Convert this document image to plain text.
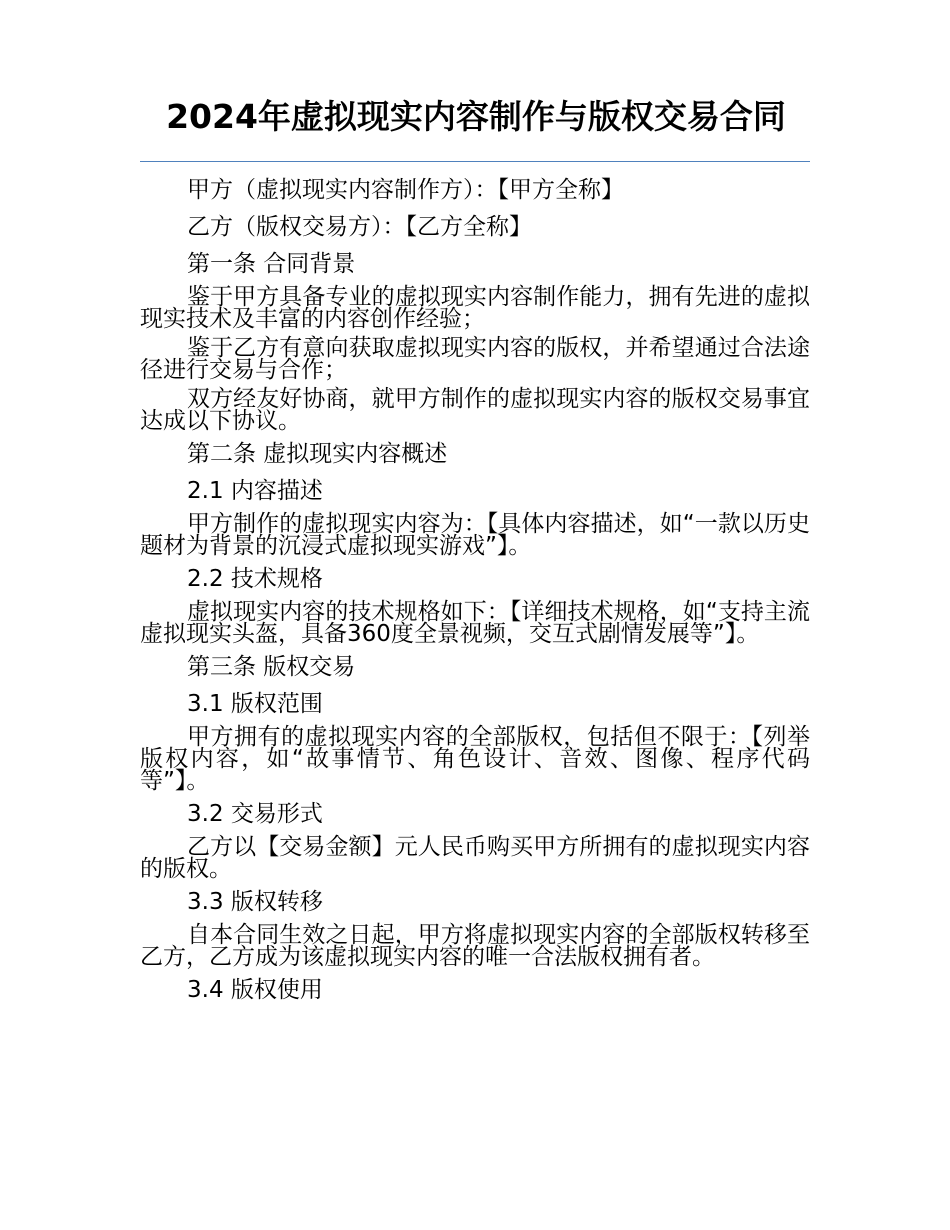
2024年虚拟现实内容制作与版权交易合同

甲方（虚拟现实内容制作方）：【甲方全称】

乙方（版权交易方）：【乙方全称】

第一条 合同背景

鉴于甲方具备专业的虚拟现实内容制作能力，拥有先进的虚拟现实技术及丰富的内容创作经验；

鉴于乙方有意向获取虚拟现实内容的版权，并希望通过合法途径进行交易与合作；

双方经友好协商，就甲方制作的虚拟现实内容的版权交易事宜达成以下协议。

第二条 虚拟现实内容概述

2.1 内容描述

甲方制作的虚拟现实内容为：【具体内容描述，如“一款以历史题材为背景的沉浸式虚拟现实游戏”】。

2.2 技术规格

虚拟现实内容的技术规格如下：【详细技术规格，如“支持主流虚拟现实头盔，具备360度全景视频，交互式剧情发展等”】。

第三条 版权交易

3.1 版权范围

甲方拥有的虚拟现实内容的全部版权，包括但不限于：【列举版权内容，如“故事情节、角色设计、音效、图像、程序代码等”】。

3.2 交易形式

乙方以【交易金额】元人民币购买甲方所拥有的虚拟现实内容的版权。

3.3 版权转移

自本合同生效之日起，甲方将虚拟现实内容的全部版权转移至乙方，乙方成为该虚拟现实内容的唯一合法版权拥有者。

3.4 版权使用
